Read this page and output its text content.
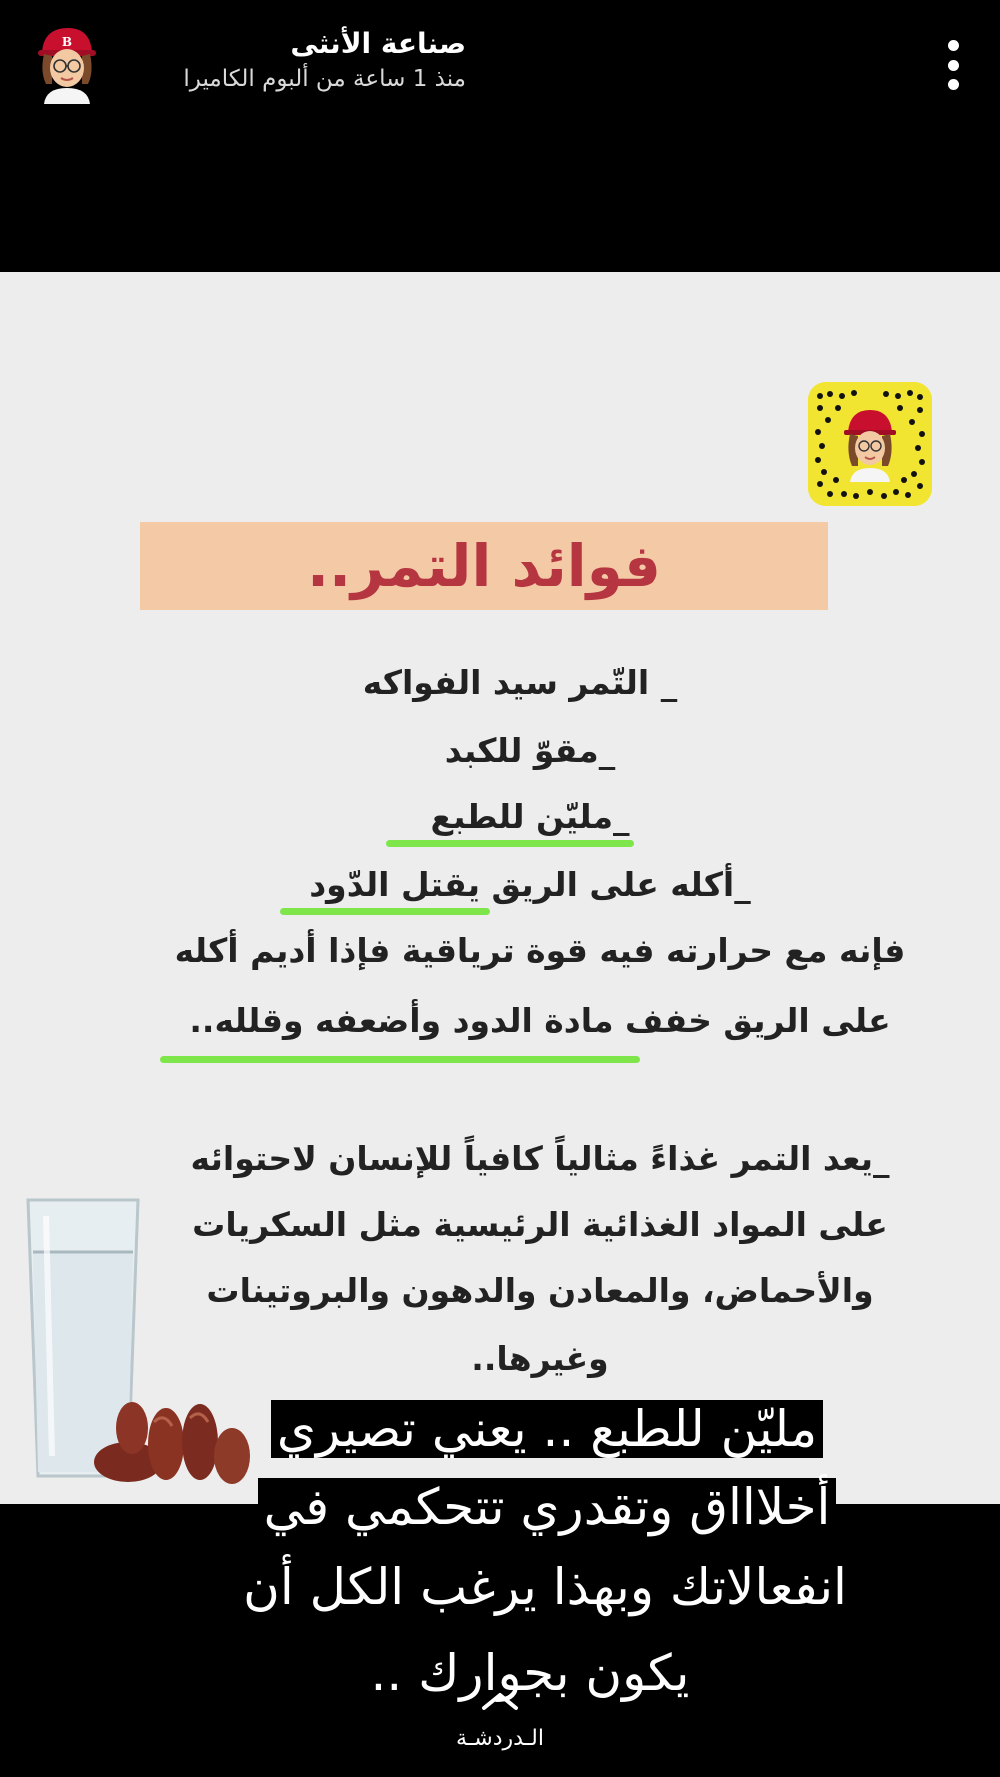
B	صناعة الأنثى
منذ 1 ساعة من ألبوم الكاميرا
فوائد التمر..
_ التّمر سيد الفواكه
_مقوّ للكبد
_مليّن للطبع
_أكله على الريق يقتل الدّود
فإنه مع حرارته فيه قوة ترياقية فإذا أديم أكله
على الريق خفف مادة الدود وأضعفه وقلله..
_يعد التمر غذاءً مثالياً كافياً للإنسان لاحتوائه
على المواد الغذائية الرئيسية مثل السكريات
والأحماض، والمعادن والدهون والبروتينات
وغيرها..
مليّن للطبع .. يعني تصيري
أخلاااق وتقدري تتحكمي في
انفعالاتك وبهذا يرغب الكل أن
يكون بجوارك ..
الـدردشـة
